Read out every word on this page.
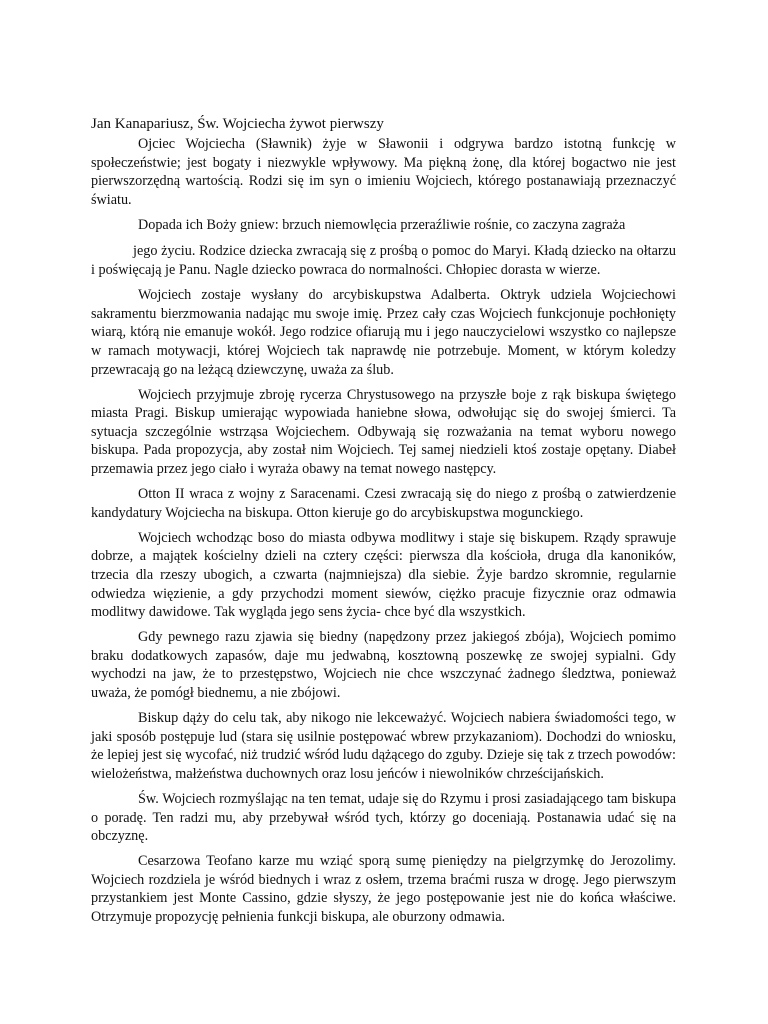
Jan Kanapariusz, Św. Wojciecha żywot pierwszy

Ojciec Wojciecha (Sławnik) żyje w Sławonii i odgrywa bardzo istotną funkcję w społeczeństwie; jest bogaty i niezwykle wpływowy. Ma piękną żonę, dla której bogactwo nie jest pierwszorzędną wartością. Rodzi się im syn o imieniu Wojciech, którego postanawiają przeznaczyć światu.

Dopada ich Boży gniew: brzuch niemowlęcia przeraźliwie rośnie, co zaczyna zagraża

jego życiu. Rodzice dziecka zwracają się z prośbą o pomoc do Maryi. Kładą dziecko na ołtarzu i poświęcają je Panu. Nagle dziecko powraca do normalności. Chłopiec dorasta w wierze.

Wojciech zostaje wysłany do arcybiskupstwa Adalberta. Oktryk udziela Wojciechowi sakramentu bierzmowania nadając mu swoje imię. Przez cały czas Wojciech funkcjonuje pochłonięty wiarą, którą nie emanuje wokół. Jego rodzice ofiarują mu i jego nauczycielowi wszystko co najlepsze w ramach motywacji, której Wojciech tak naprawdę nie potrzebuje. Moment, w którym koledzy przewracają go na leżącą dziewczynę, uważa za ślub.

Wojciech przyjmuje zbroję rycerza Chrystusowego na przyszłe boje z rąk biskupa świętego miasta Pragi. Biskup umierając wypowiada haniebne słowa, odwołując się do swojej śmierci. Ta sytuacja szczególnie wstrząsa Wojciechem. Odbywają się rozważania na temat wyboru nowego biskupa. Pada propozycja, aby został nim Wojciech. Tej samej niedzieli ktoś zostaje opętany. Diabeł przemawia przez jego ciało i wyraża obawy na temat nowego następcy.

Otton II wraca z wojny z Saracenami. Czesi zwracają się do niego z prośbą o zatwierdzenie kandydatury Wojciecha na biskupa. Otton kieruje go do arcybiskupstwa mogunckiego.

Wojciech wchodząc boso do miasta odbywa modlitwy i staje się biskupem. Rządy sprawuje dobrze, a majątek kościelny dzieli na cztery części: pierwsza dla kościoła, druga dla kanoników, trzecia dla rzeszy ubogich, a czwarta (najmniejsza) dla siebie. Żyje bardzo skromnie, regularnie odwiedza więzienie, a gdy przychodzi moment siewów, ciężko pracuje fizycznie oraz odmawia modlitwy dawidowe. Tak wygląda jego sens życia- chce być dla wszystkich.

Gdy pewnego razu zjawia się biedny (napędzony przez jakiegoś zbója), Wojciech pomimo braku dodatkowych zapasów, daje mu jedwabną, kosztowną poszewkę ze swojej sypialni. Gdy wychodzi na jaw, że to przestępstwo, Wojciech nie chce wszczynać żadnego śledztwa, ponieważ uważa, że pomógł biednemu, a nie zbójowi.

Biskup dąży do celu tak, aby nikogo nie lekceważyć. Wojciech nabiera świadomości tego, w jaki sposób postępuje lud (stara się usilnie postępować wbrew przykazaniom). Dochodzi do wniosku, że lepiej jest się wycofać, niż trudzić wśród ludu dążącego do zguby. Dzieje się tak z trzech powodów: wielożeństwa, małżeństwa duchownych oraz losu jeńców i niewolników chrześcijańskich.

Św. Wojciech rozmyślając na ten temat, udaje się do Rzymu i prosi zasiadającego tam biskupa o poradę. Ten radzi mu, aby przebywał wśród tych, którzy go doceniają. Postanawia udać się na obczyznę.

Cesarzowa Teofano karze mu wziąć sporą sumę pieniędzy na pielgrzymkę do Jerozolimy. Wojciech rozdziela je wśród biednych i wraz z osłem, trzema braćmi rusza w drogę. Jego pierwszym przystankiem jest Monte Cassino, gdzie słyszy, że jego postępowanie jest nie do końca właściwe. Otrzymuje propozycję pełnienia funkcji biskupa, ale oburzony odmawia.
